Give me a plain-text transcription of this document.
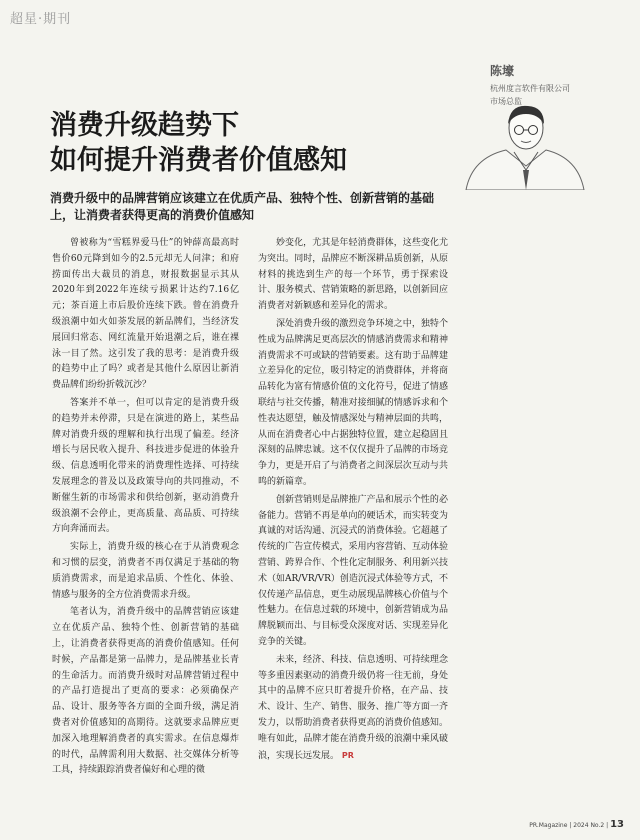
超星·期刊
陈壕
杭州度言软件有限公司
市场总监
消费升级趋势下
如何提升消费者价值感知
消费升级中的品牌营销应该建立在优质产品、独特个性、创新营销的基础上，让消费者获得更高的消费价值感知

曾被称为“雪糕界爱马仕”的钟薛高最高时售价60元降到如今的2.5元却无人问津；和府捞面传出大裁员的消息，财报数据显示其从2020年到2022年连续亏损累计达约7.16亿元；茶百道上市后股价连续下跌。曾在消费升级浪潮中如火如荼发展的新品牌们，当经济发展回归常态、网红流量开始退潮之后，谁在裸泳一目了然。这引发了我的思考：是消费升级的趋势中止了吗？或者是其他什么原因让新消费品牌们纷纷折戟沉沙？

答案并不单一，但可以肯定的是消费升级的趋势并未停滞，只是在演进的路上，某些品牌对消费升级的理解和执行出现了偏差。经济增长与居民收入提升、科技进步促进的体验升级、信息透明化带来的消费理性选择、可持续发展理念的普及以及政策导向的共同推动，不断催生新的市场需求和供给创新，驱动消费升级浪潮不会停止，更高质量、高品质、可持续方向奔涌而去。

实际上，消费升级的核心在于从消费观念和习惯的层变，消费者不再仅满足于基础的物质消费需求，而是追求品质、个性化、体验、情感与服务的全方位消费需求升级。

笔者认为，消费升级中的品牌营销应该建立在优质产品、独特个性、创新营销的基础上，让消费者获得更高的消费价值感知。任何时候，产品都是第一品牌力，是品牌基业长青的生命活力。而消费升级时对品牌营销过程中的产品打造提出了更高的要求：必须确保产品、设计、服务等各方面的全面升级，满足消费者对价值感知的高期待。这就要求品牌应更加深入地理解消费者的真实需求。在信息爆炸的时代，品牌需利用大数据、社交媒体分析等工具，持续跟踪消费者偏好和心理的微

妙变化，尤其是年轻消费群体，这些变化尤为突出。同时，品牌应不断深耕品质创新，从原材料的挑选到生产的每一个环节，勇于探索设计、服务模式、营销策略的新思路，以创新回应消费者对新颖感和差异化的需求。

深处消费升级的激烈竞争环境之中，独特个性成为品牌满足更高层次的情感消费需求和精神消费需求不可或缺的营销要素。这有助于品牌建立差异化的定位，吸引特定的消费群体，并将商品转化为富有情感价值的文化符号，促进了情感联结与社交传播，精准对接细腻的情感诉求和个性表达愿望，触及情感深处与精神层面的共鸣，从而在消费者心中占据独特位置，建立起稳固且深刻的品牌忠诚。这不仅仅提升了品牌的市场竞争力，更是开启了与消费者之间深层次互动与共鸣的新篇章。

创新营销则是品牌推广产品和展示个性的必备能力。营销不再是单向的硬话术，而实转变为真诚的对话沟通、沉浸式的消费体验。它超越了传统的广告宣传模式，采用内容营销、互动体验营销、跨界合作、个性化定制服务、利用新兴技术（如AR/VR/VR）创造沉浸式体验等方式，不仅传递产品信息，更生动展现品牌核心价值与个性魅力。在信息过载的环境中，创新营销成为品牌脱颖而出、与目标受众深度对话、实现差异化竞争的关键。

未来，经济、科技、信息透明、可持续理念等多重因素驱动的消费升级仍将一往无前，身处其中的品牌不应只盯着提升价格，在产品、技术、设计、生产、销售、服务、推广等方面一齐发力，以帮助消费者获得更高的消费价值感知。唯有如此，品牌才能在消费升级的浪潮中乘风破浪，实现长远发展。 PR

PR.Magazine | 2024 No.2 | 13
